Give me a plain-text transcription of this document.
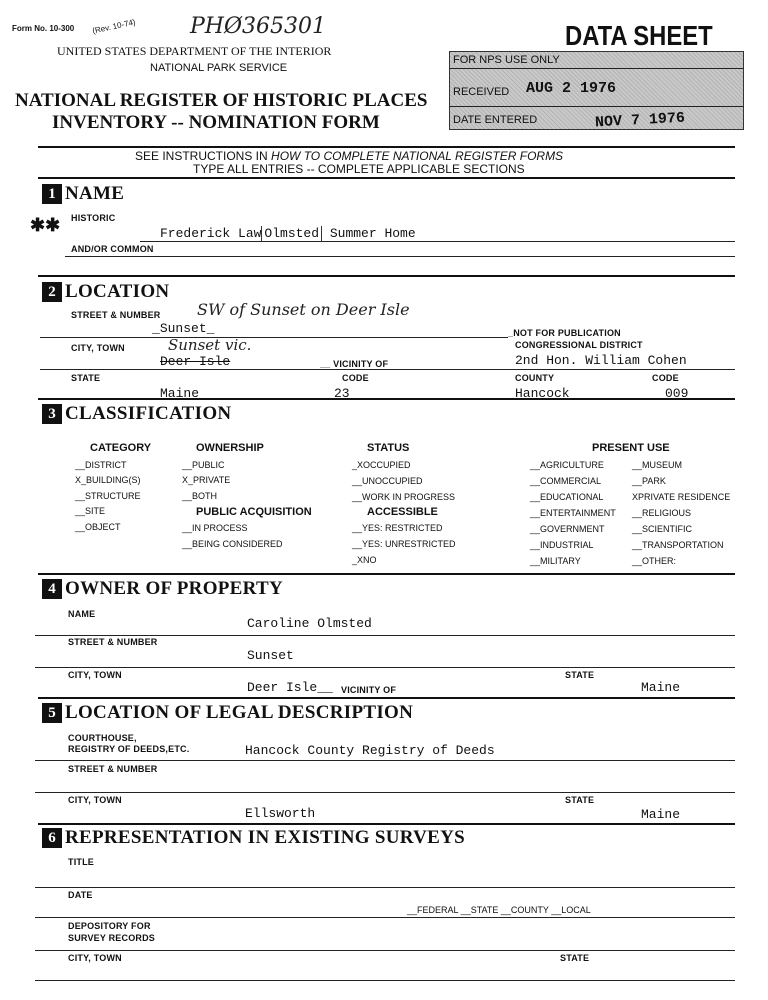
Form No. 10-300 (Rev. 10-74) PHØ365301
UNITED STATES DEPARTMENT OF THE INTERIOR
NATIONAL PARK SERVICE
NATIONAL REGISTER OF HISTORIC PLACES
INVENTORY -- NOMINATION FORM
DATA SHEET
FOR NPS USE ONLY
RECEIVED AUG 2 1976
DATE ENTERED	NOV 7 1976
SEE INSTRUCTIONS IN HOW TO COMPLETE NATIONAL REGISTER FORMS
TYPE ALL ENTRIES -- COMPLETE APPLICABLE SECTIONS
1 NAME
✱✱ HISTORIC
Frederick Law Olmsted Summer Home
AND/OR COMMON
2 LOCATION
STREET & NUMBER SW of Sunset on Deer Isle
_Sunset_	_NOT FOR PUBLICATION
CITY, TOWN	Sunset vic.
Deer Isle	__ VICINITY OF
CONGRESSIONAL DISTRICT
2nd Hon. William Cohen
STATE	CODE	COUNTY	CODE
Maine	23	Hancock	009
3 CLASSIFICATION
CATEGORY
__DISTRICT
X_BUILDING(S)
__STRUCTURE
__SITE
__OBJECT
OWNERSHIP
__PUBLIC
X_PRIVATE
__BOTH
PUBLIC ACQUISITION
__IN PROCESS
__BEING CONSIDERED
STATUS
_XOCCUPIED
__UNOCCUPIED
__WORK IN PROGRESS
ACCESSIBLE
__YES: RESTRICTED
__YES: UNRESTRICTED
_XNO
PRESENT USE
__AGRICULTURE
__COMMERCIAL
__EDUCATIONAL
__ENTERTAINMENT
__GOVERNMENT
__INDUSTRIAL
__MILITARY
__MUSEUM
__PARK
XPRIVATE RESIDENCE
__RELIGIOUS
__SCIENTIFIC
__TRANSPORTATION
__OTHER:
4 OWNER OF PROPERTY
NAME
Caroline Olmsted
STREET & NUMBER
Sunset
CITY, TOWN
Deer Isle__ VICINITY OF
STATE
Maine
5 LOCATION OF LEGAL DESCRIPTION
COURTHOUSE,
REGISTRY OF DEEDS,ETC.	Hancock County Registry of Deeds
STREET & NUMBER
CITY, TOWN
Ellsworth
STATE
Maine
6 REPRESENTATION IN EXISTING SURVEYS
TITLE
DATE
__FEDERAL __STATE __COUNTY __LOCAL
DEPOSITORY FOR
SURVEY RECORDS
CITY, TOWN	STATE
